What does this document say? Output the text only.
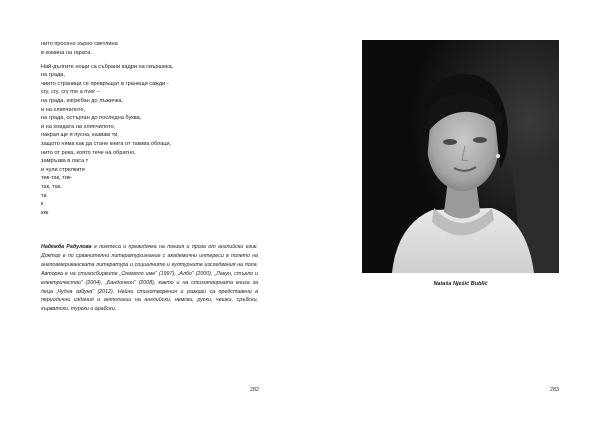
нито просено зърно светлина
в комина на гарата.
Най-дългите нощи са събрани кадри на свършека,
на града,
чиито страници се превръщат в гранещи сажди -
cry, cry, cry me a river –
на града, изгрeбан до лъжичка,
и на хляпчилото,
на града, остърган до последна буква,
и на хоидата на хляпчилото,
накрая ще я пусна, казвам ти,
защото няма как да стане книга от такива облаци,
нито от река, която тече на обратно,
замръзва в ласа т
и чули стрелките
тик-так, тик-
так, так,
та
к
ккк
Надежда Радулова е поетеса и преводачка на поезия и проза от английски език. Доктор е по сравнително литературознание с академични интереси в полето на англоамериканската литература и социалните и културните изследвания на пола. Авторка е на стихосбирките „Онемяло име” (1997), „Албо” (2000), „Лакун, стъкло и електричество” (2004), „Бандонеон” (2008), както и на стихотворната книга за деца „Чудна азбука” (2012). Нейни стихотворения и разкази са представени в периодични издания и антологии на английски, немски, руски, чешки, сръбски, хърватски, турски и арабски.
282
Nataša Nješić Bublić
283
